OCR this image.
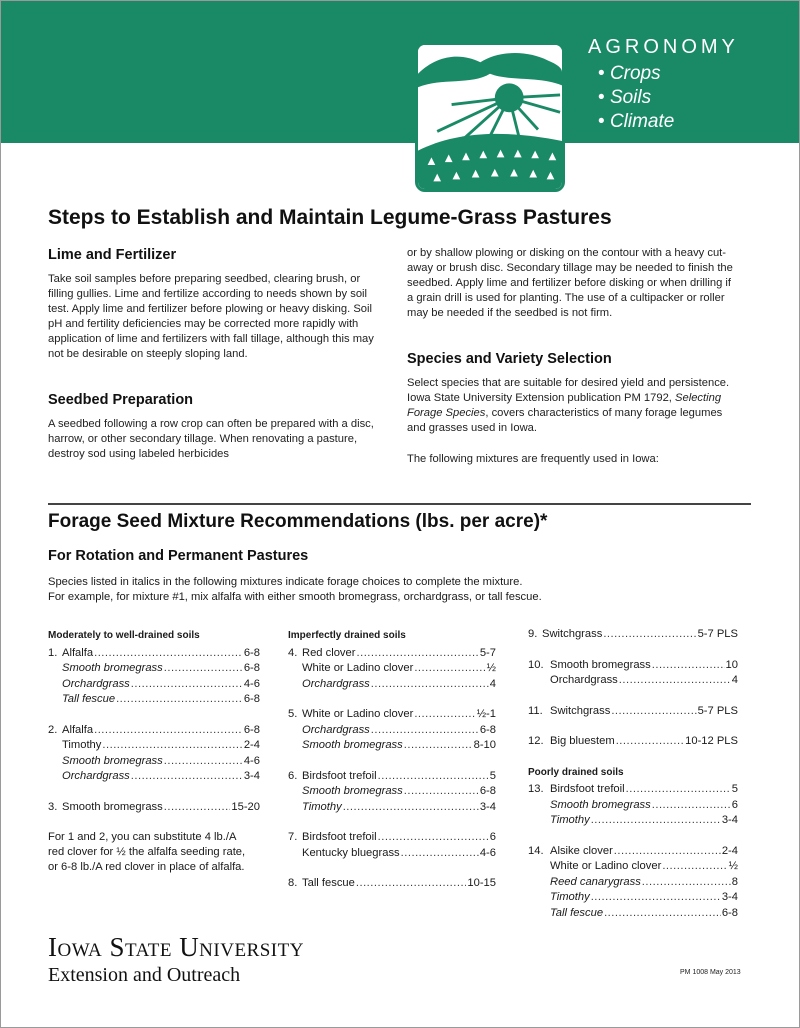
AGRONOMY
• Crops
• Soils
• Climate
Steps to Establish and Maintain Legume-Grass Pastures
Lime and Fertilizer

Take soil samples before preparing seedbed, clearing brush, or filling gullies. Lime and fertilize according to needs shown by soil test. Apply lime and fertilizer before plowing or heavy disking. Soil pH and fertility deficiencies may be corrected more rapidly with application of lime and fertilizers with fall tillage, although this may not be desirable on steeply sloping land.

Seedbed Preparation

A seedbed following a row crop can often be prepared with a disc, harrow, or other secondary tillage. When renovating a pasture, destroy sod using labeled herbicides

or by shallow plowing or disking on the contour with a heavy cut-away or brush disc. Secondary tillage may be needed to finish the seedbed. Apply lime and fertilizer before disking or when drilling if a grain drill is used for planting. The use of a cultipacker or roller may be needed if the seedbed is not firm.

Species and Variety Selection

Select species that are suitable for desired yield and persistence. Iowa State University Extension publication PM 1792, Selecting Forage Species, covers characteristics of many forage legumes and grasses used in Iowa.

The following mixtures are frequently used in Iowa:

Forage Seed Mixture Recommendations (lbs. per acre)*
For Rotation and Permanent Pastures
Species listed in italics in the following mixtures indicate forage choices to complete the mixture.
For example, for mixture #1, mix alfalfa with either smooth bromegrass, orchardgrass, or tall fescue.
Moderately to well-drained soils
1. Alfalfa .....	6-8
Smooth bromegrass .....	6-8
Orchardgrass .....	4-6
Tall fescue .....	6-8
2. Alfalfa .....	6-8
Timothy .....	2-4
Smooth bromegrass .....	4-6
Orchardgrass .....	3-4
3. Smooth bromegrass .....	15-20
For 1 and 2, you can substitute 4 lb./A red clover for ½ the alfalfa seeding rate, or 6-8 lb./A red clover in place of alfalfa.
Imperfectly drained soils
4. Red clover .....	5-7
White or Ladino clover .....	½
Orchardgrass .....	4
5. White or Ladino clover .....	½-1
Orchardgrass .....	6-8
Smooth bromegrass .....	8-10
6. Birdsfoot trefoil .....	5
Smooth bromegrass .....	6-8
Timothy .....	3-4
7. Birdsfoot trefoil .....	6
Kentucky bluegrass .....	4-6
8. Tall fescue .....	10-15
9. Switchgrass .....	5-7 PLS
10. Smooth bromegrass .....	10
Orchardgrass .....	4
11. Switchgrass .....	5-7 PLS
12. Big bluestem .....	10-12 PLS
Poorly drained soils
13. Birdsfoot trefoil .....	5
Smooth bromegrass .....	6
Timothy .....	3-4
14. Alsike clover .....	2-4
White or Ladino clover .....	½
Reed canarygrass .....	8
Timothy .....	3-4
Tall fescue .....	6-8
Iowa State University
Extension and Outreach	PM 1008 May 2013
